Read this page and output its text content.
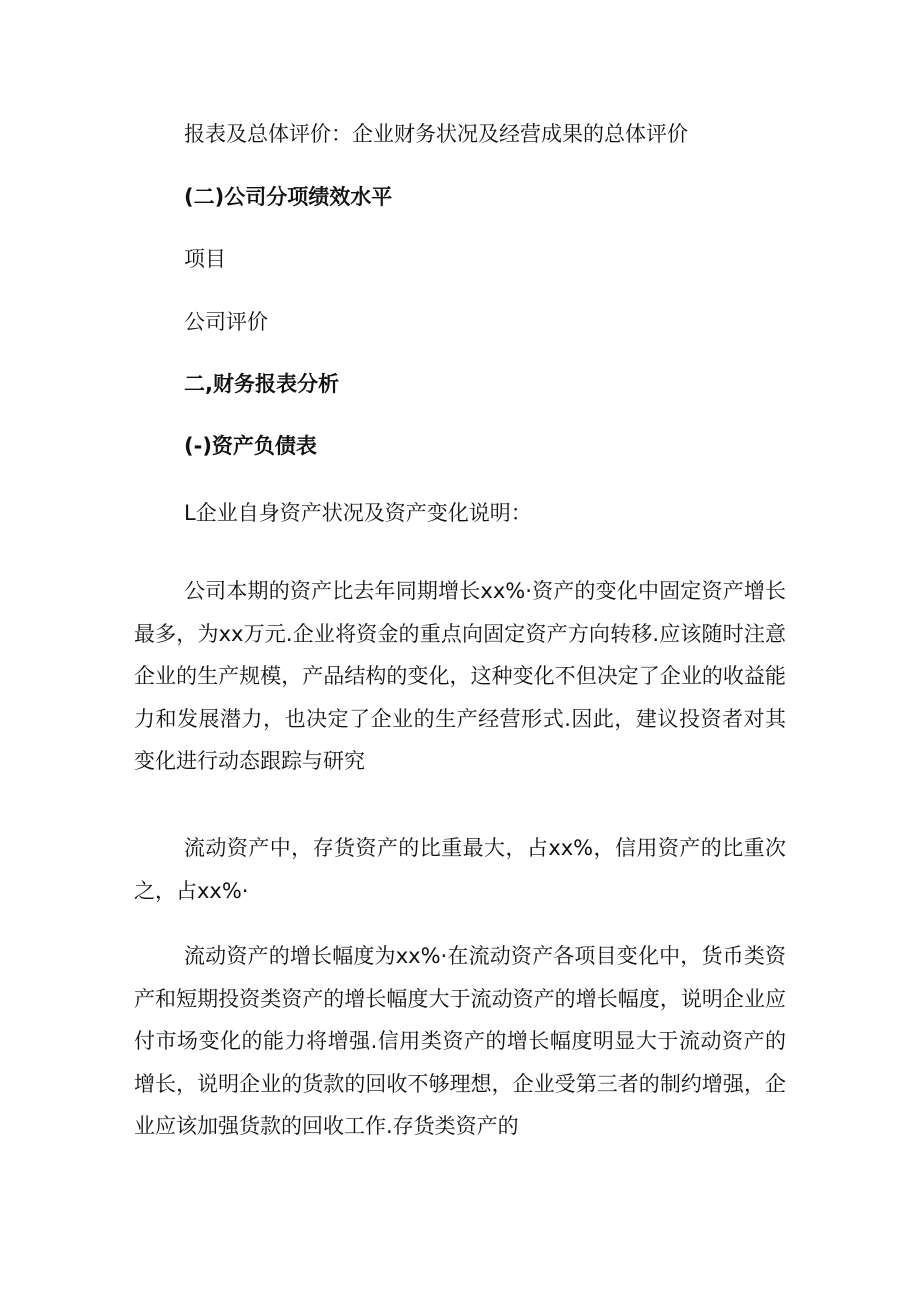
报表及总体评价：企业财务状况及经营成果的总体评价
(二)公司分项绩效水平
项目
公司评价
二,财务报表分析
(-)资产负债表
L企业自身资产状况及资产变化说明：

公司本期的资产比去年同期增长xx%·资产的变化中固定资产增长最多，为xx万元.企业将资金的重点向固定资产方向转移.应该随时注意企业的生产规模，产品结构的变化，这种变化不但决定了企业的收益能力和发展潜力，也决定了企业的生产经营形式.因此，建议投资者对其变化进行动态跟踪与研究

流动资产中，存货资产的比重最大，占xx%，信用资产的比重次之，占xx%·

流动资产的增长幅度为xx%·在流动资产各项目变化中，货币类资产和短期投资类资产的增长幅度大于流动资产的增长幅度，说明企业应付市场变化的能力将增强.信用类资产的增长幅度明显大于流动资产的增长，说明企业的货款的回收不够理想，企业受第三者的制约增强，企业应该加强货款的回收工作.存货类资产的
